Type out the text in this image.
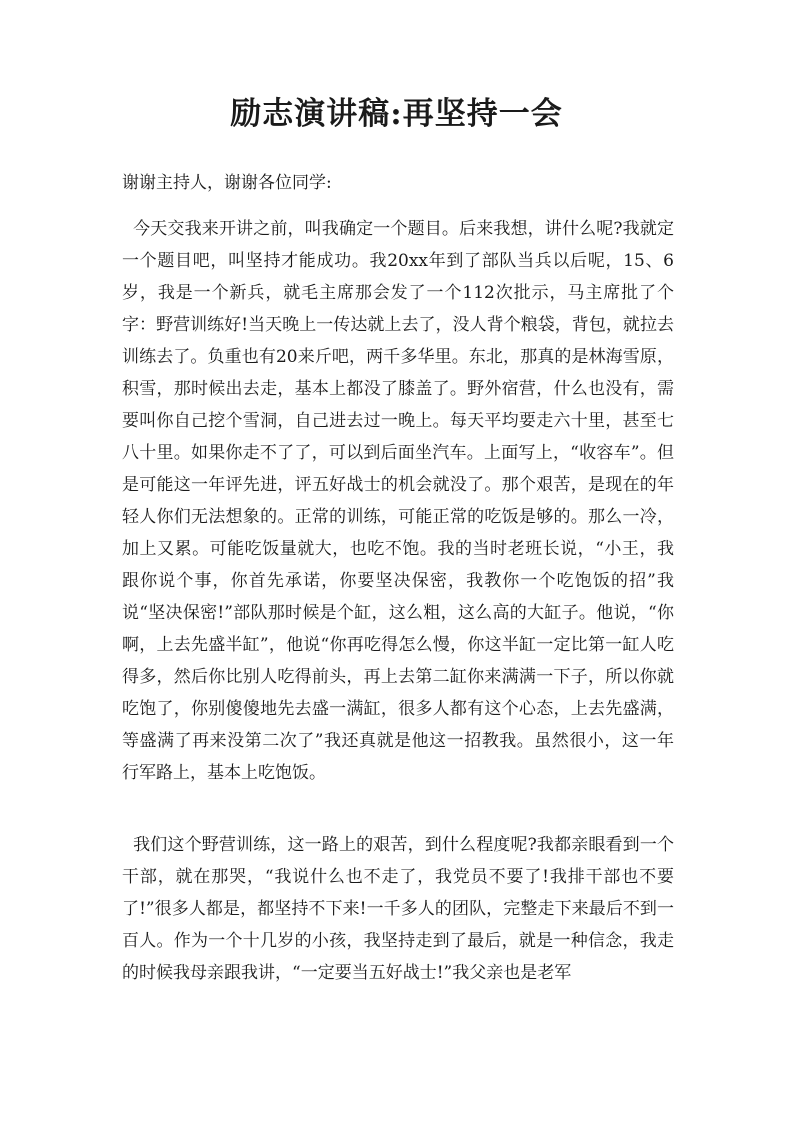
励志演讲稿:再坚持一会

谢谢主持人，谢谢各位同学:

今天交我来开讲之前，叫我确定一个题目。后来我想，讲什么呢?我就定一个题目吧，叫坚持才能成功。我20xx年到了部队当兵以后呢，15、6岁，我是一个新兵，就毛主席那会发了一个112次批示，马主席批了个字：野营训练好!当天晚上一传达就上去了，没人背个粮袋，背包，就拉去训练去了。负重也有20来斤吧，两千多华里。东北，那真的是林海雪原，积雪，那时候出去走，基本上都没了膝盖了。野外宿营，什么也没有，需要叫你自己挖个雪洞，自己进去过一晚上。每天平均要走六十里，甚至七八十里。如果你走不了了，可以到后面坐汽车。上面写上，“收容车”。但是可能这一年评先进，评五好战士的机会就没了。那个艰苦，是现在的年轻人你们无法想象的。正常的训练，可能正常的吃饭是够的。那么一冷，加上又累。可能吃饭量就大，也吃不饱。我的当时老班长说，“小王，我跟你说个事，你首先承诺，你要坚决保密，我教你一个吃饱饭的招”我说“坚决保密!”部队那时候是个缸，这么粗，这么高的大缸子。他说，“你啊，上去先盛半缸”，他说“你再吃得怎么慢，你这半缸一定比第一缸人吃得多，然后你比别人吃得前头，再上去第二缸你来满满一下子，所以你就吃饱了，你别傻傻地先去盛一满缸，很多人都有这个心态，上去先盛满，等盛满了再来没第二次了”我还真就是他这一招教我。虽然很小，这一年行军路上，基本上吃饱饭。

我们这个野营训练，这一路上的艰苦，到什么程度呢?我都亲眼看到一个干部，就在那哭，“我说什么也不走了，我党员不要了!我排干部也不要了!”很多人都是，都坚持不下来!一千多人的团队，完整走下来最后不到一百人。作为一个十几岁的小孩，我坚持走到了最后，就是一种信念，我走的时候我母亲跟我讲，“一定要当五好战士!”我父亲也是老军
